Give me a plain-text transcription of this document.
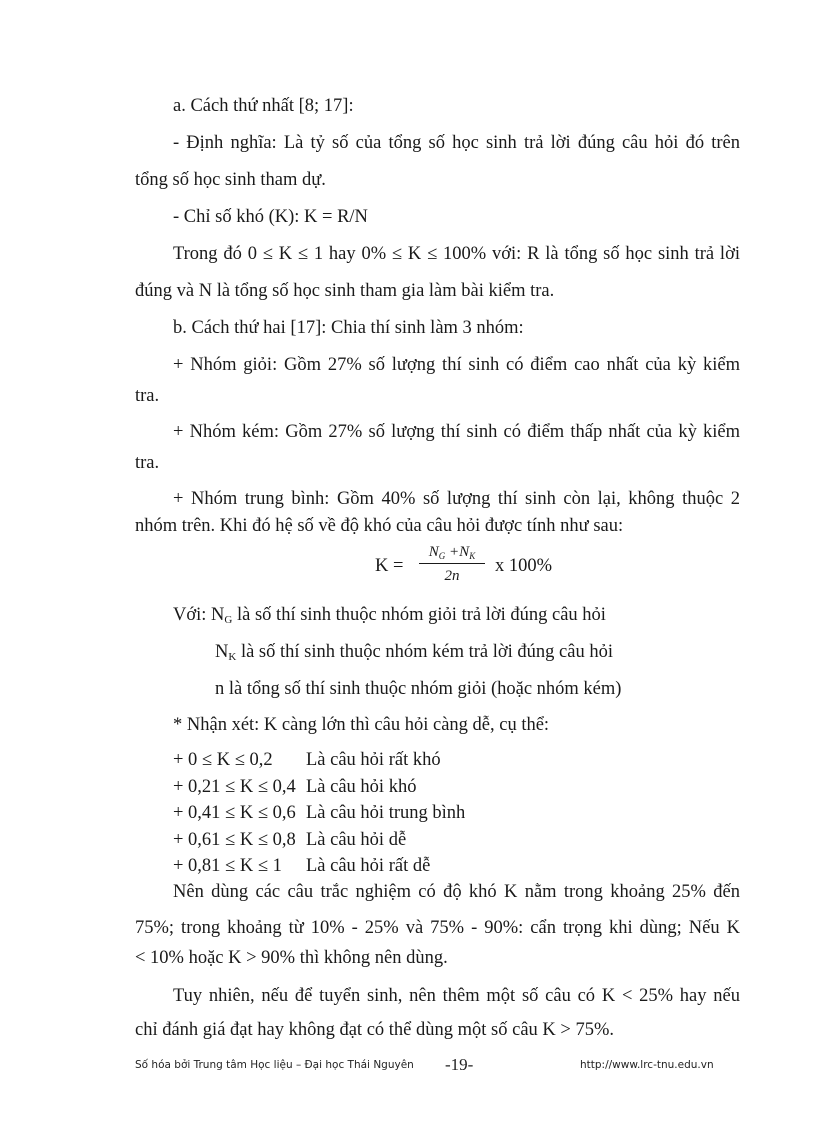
a. Cách thứ nhất [8; 17]:
- Định nghĩa: Là tỷ số của tổng số học sinh trả lời đúng câu hỏi đó trên
tổng số học sinh tham dự.
- Chỉ số khó (K): K = R/N
Trong đó 0 ≤ K ≤ 1 hay 0% ≤ K ≤ 100% với: R là tổng số học sinh trả lời
đúng và N là tổng số học sinh tham gia làm bài kiểm tra.
b. Cách thứ hai [17]: Chia thí sinh làm 3 nhóm:
+ Nhóm giỏi: Gồm 27% số lượng thí sinh có điểm cao nhất của kỳ kiểm
tra.
+ Nhóm kém: Gồm 27% số lượng thí sinh có điểm thấp nhất của kỳ kiểm
tra.
+ Nhóm trung bình: Gồm 40% số lượng thí sinh còn lại, không thuộc 2
nhóm trên. Khi đó hệ số về độ khó của câu hỏi được tính như sau:
K =
$N_G +N_K$
2n	x 100%
Với: $N_G$ là số thí sinh thuộc nhóm giỏi trả lời đúng câu hỏi
$N_K$ là số thí sinh thuộc nhóm kém trả lời đúng câu hỏi
n là tổng số thí sinh thuộc nhóm giỏi (hoặc nhóm kém)
* Nhận xét: K càng lớn thì câu hỏi càng dễ, cụ thể:
+ 0 ≤ K ≤ 0,2 Là câu hỏi rất khó
+ 0,21 ≤ K ≤ 0,4 Là câu hỏi khó
+ 0,41 ≤ K ≤ 0,6 Là câu hỏi trung bình
+ 0,61 ≤ K ≤ 0,8 Là câu hỏi dễ
+ 0,81 ≤ K ≤ 1 Là câu hỏi rất dễ
Nên dùng các câu trắc nghiệm có độ khó K nằm trong khoảng 25% đến
75%; trong khoảng từ 10% - 25% và 75% - 90%: cẩn trọng khi dùng; Nếu K
< 10% hoặc K > 90% thì không nên dùng.
Tuy nhiên, nếu để tuyển sinh, nên thêm một số câu có K < 25% hay nếu
chỉ đánh giá đạt hay không đạt có thể dùng một số câu K > 75%.
Số hóa bởi Trung tâm Học liệu – Đại học Thái Nguyên -19-	http://www.lrc-tnu.edu.vn
